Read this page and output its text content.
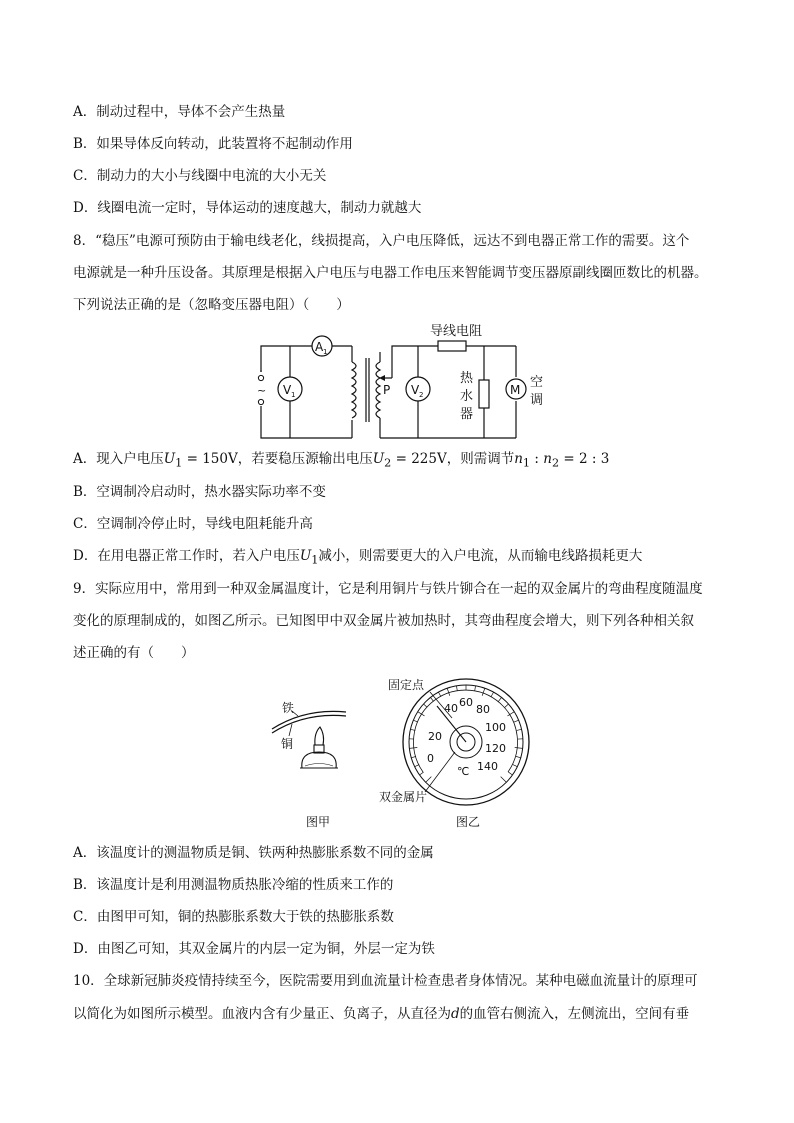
A．制动过程中，导体不会产生热量
B．如果导体反向转动，此装置将不起制动作用
C．制动力的大小与线圈中电流的大小无关
D．线圈电流一定时，导体运动的速度越大，制动力就越大
8．“稳压”电源可预防由于输电线老化，线损提高，入户电压降低，远达不到电器正常工作的需要。这个
电源就是一种升压设备。其原理是根据入户电压与电器工作电压来智能调节变压器原副线圈匝数比的机器。
下列说法正确的是（忽略变压器电阻）（　　）
~
A 1
V 1	V 2
P
导线电阻
热
水
器
M 空
调
A．现入户电压$U_1 = 150V$，若要稳压源输出电压$U_2 = 225V$，则需调节$n_1$ : $n_2 = 2$ : 3
B．空调制冷启动时，热水器实际功率不变
C．空调制冷停止时，导线电阻耗能升高
D．在用电器正常工作时，若入户电压$U_1$减小，则需要更大的入户电流，从而输电线路损耗更大
9．实际应用中，常用到一种双金属温度计，它是利用铜片与铁片铆合在一起的双金属片的弯曲程度随温度
变化的原理制成的，如图乙所示。已知图甲中双金属片被加热时，其弯曲程度会增大，则下列各种相关叙
述正确的有（　　）
铁
铜
图甲
40 60
80
100
120
140
20
0
℃
固定点
双金属片
图乙
A．该温度计的测温物质是铜、铁两种热膨胀系数不同的金属
B．该温度计是利用测温物质热胀冷缩的性质来工作的
C．由图甲可知，铜的热膨胀系数大于铁的热膨胀系数
D．由图乙可知，其双金属片的内层一定为铜，外层一定为铁
10．全球新冠肺炎疫情持续至今，医院需要用到血流量计检查患者身体情况。某种电磁血流量计的原理可
以简化为如图所示模型。血液内含有少量正、负离子，从直径为d的血管右侧流入，左侧流出，空间有垂
